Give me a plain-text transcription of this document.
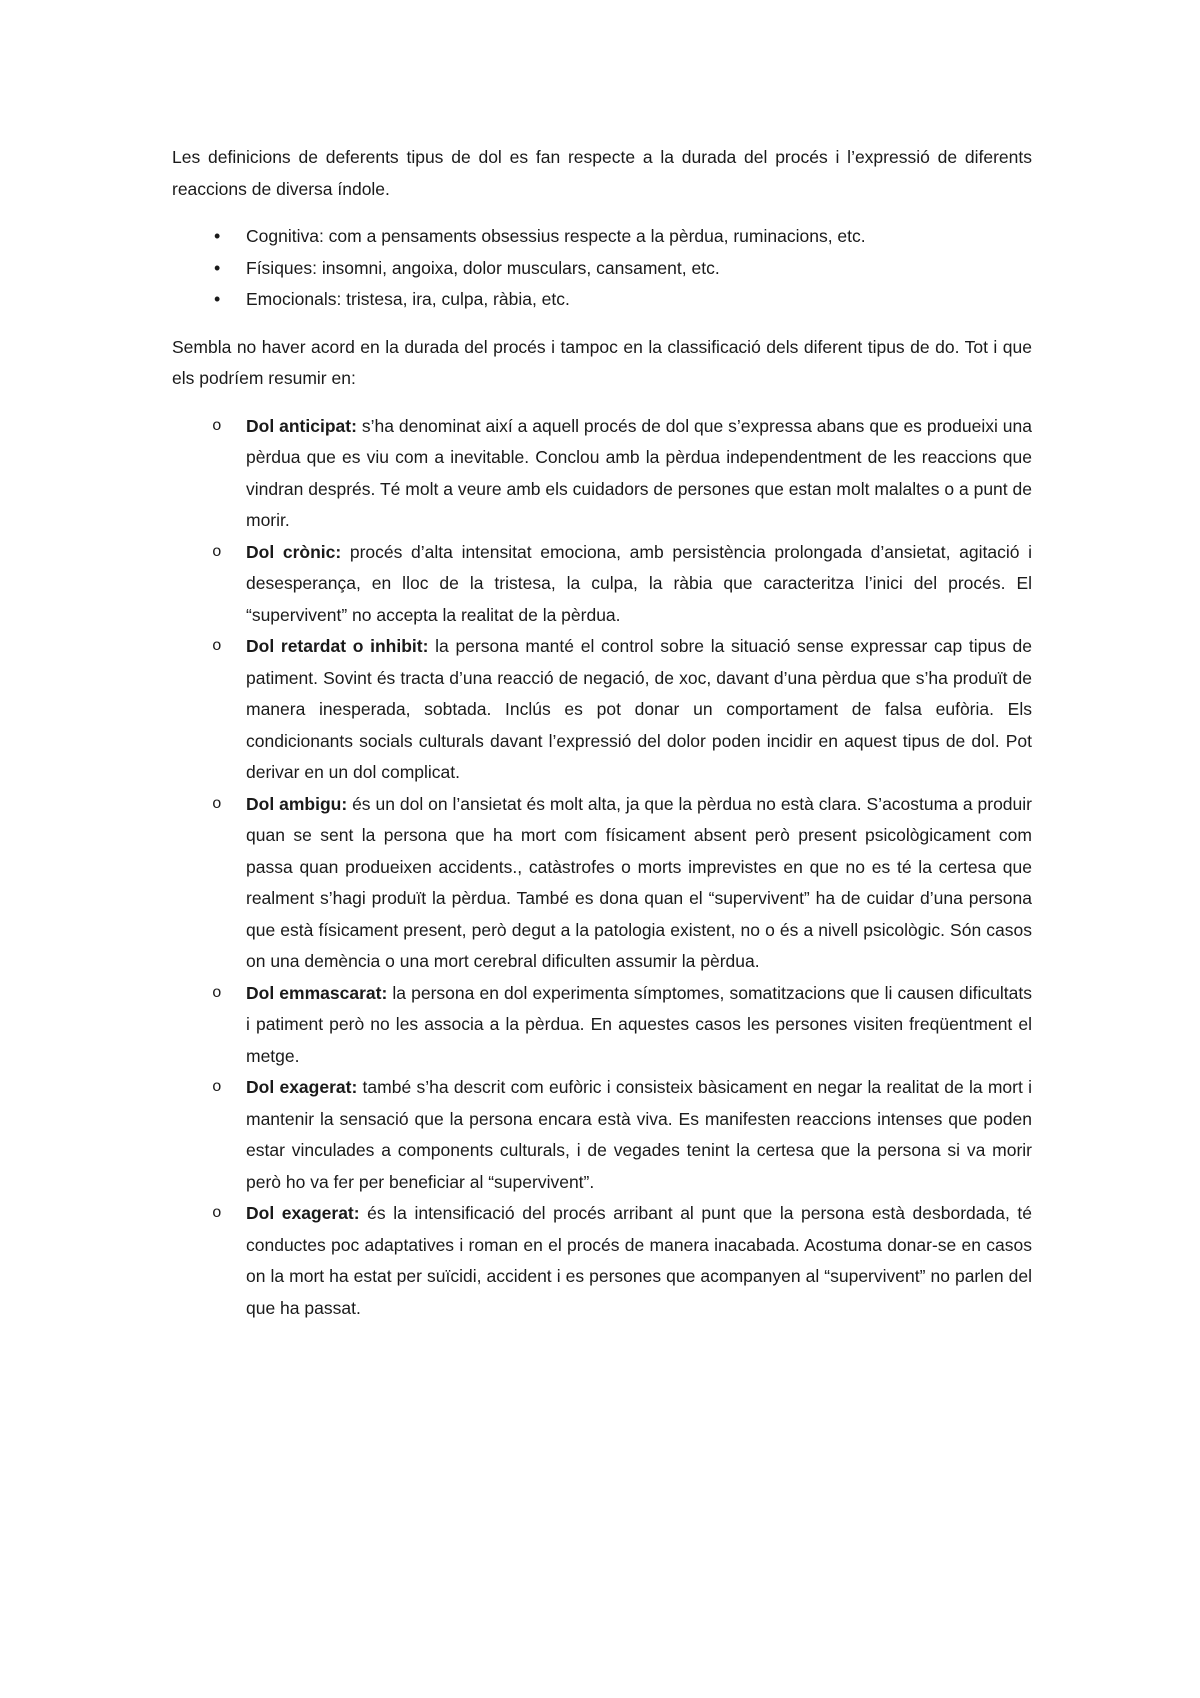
Les definicions de deferents tipus de dol es fan respecte a la durada del procés i l’expressió de diferents reaccions de diversa índole.

• Cognitiva: com a pensaments obsessius respecte a la pèrdua, ruminacions, etc.
• Físiques: insomni, angoixa, dolor musculars, cansament, etc.
• Emocionals: tristesa, ira, culpa, ràbia, etc.

Sembla no haver acord en la durada del procés i tampoc en la classificació dels diferent tipus de do. Tot i que els podríem resumir en:

o Dol anticipat: s’ha denominat així a aquell procés de dol que s’expressa abans que es produeixi una pèrdua que es viu com a inevitable. Conclou amb la pèrdua independentment de les reaccions que vindran després. Té molt a veure amb els cuidadors de persones que estan molt malaltes o a punt de morir.
o Dol crònic: procés d’alta intensitat emociona, amb persistència prolongada d’ansietat, agitació i desesperança, en lloc de la tristesa, la culpa, la ràbia que caracteritza l’inici del procés. El “supervivent” no accepta la realitat de la pèrdua.
o Dol retardat o inhibit: la persona manté el control sobre la situació sense expressar cap tipus de patiment. Sovint és tracta d’una reacció de negació, de xoc, davant d’una pèrdua que s’ha produït de manera inesperada, sobtada. Inclús es pot donar un comportament de falsa eufòria. Els condicionants socials culturals davant l’expressió del dolor poden incidir en aquest tipus de dol. Pot derivar en un dol complicat.
o Dol ambigu: és un dol on l’ansietat és molt alta, ja que la pèrdua no està clara. S’acostuma a produir quan se sent la persona que ha mort com físicament absent però present psicològicament com passa quan produeixen accidents., catàstrofes o morts imprevistes en que no es té la certesa que realment s’hagi produït la pèrdua. També es dona quan el “supervivent” ha de cuidar d’una persona que està físicament present, però degut a la patologia existent, no o és a nivell psicològic. Són casos on una demència o una mort cerebral dificulten assumir la pèrdua.
o Dol emmascarat: la persona en dol experimenta símptomes, somatitzacions que li causen dificultats i patiment però no les associa a la pèrdua. En aquestes casos les persones visiten freqüentment el metge.
o Dol exagerat: també s’ha descrit com eufòric i consisteix bàsicament en negar la realitat de la mort i mantenir la sensació que la persona encara està viva. Es manifesten reaccions intenses que poden estar vinculades a components culturals, i de vegades tenint la certesa que la persona si va morir però ho va fer per beneficiar al “supervivent”.
o Dol exagerat: és la intensificació del procés arribant al punt que la persona està desbordada, té conductes poc adaptatives i roman en el procés de manera inacabada. Acostuma donar-se en casos on la mort ha estat per suïcidi, accident i es persones que acompanyen al “supervivent” no parlen del que ha passat.
